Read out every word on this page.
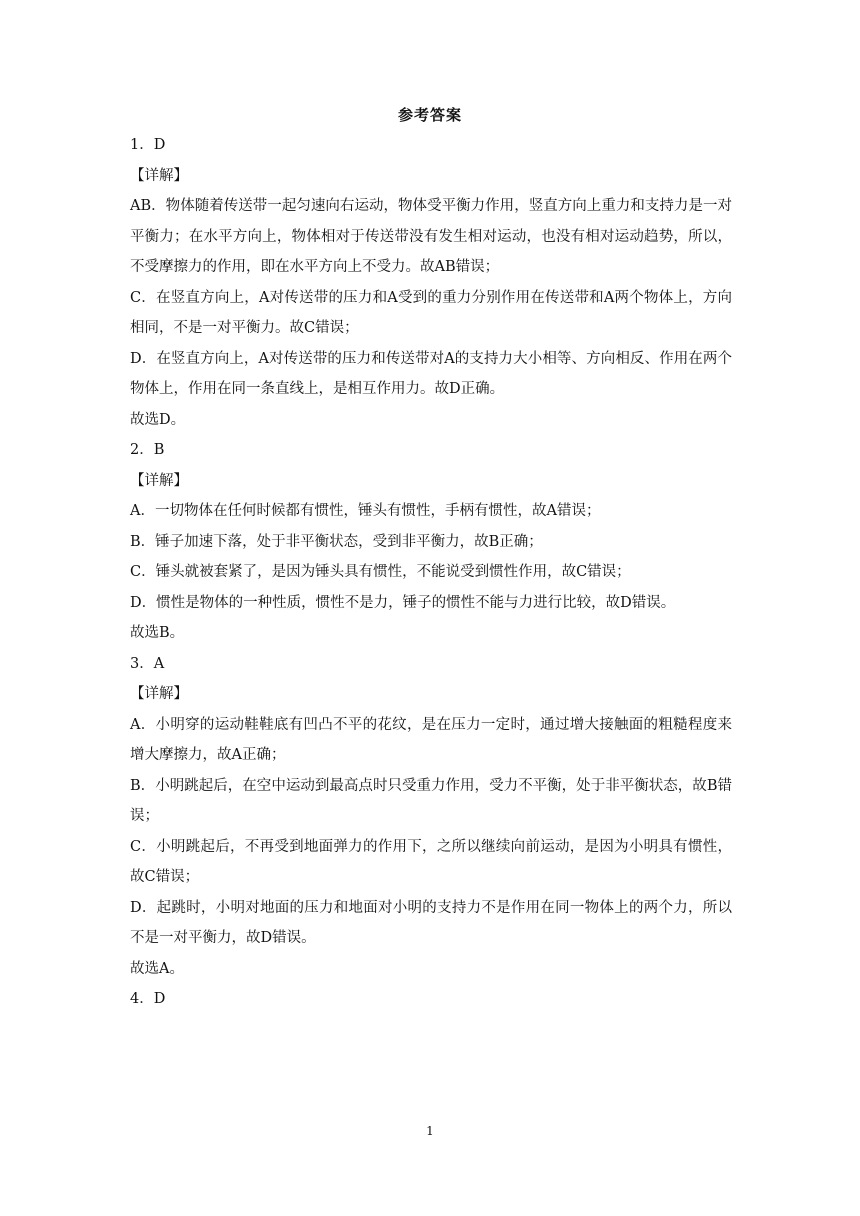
参考答案

1．D

【详解】

AB．物体随着传送带一起匀速向右运动，物体受平衡力作用，竖直方向上重力和支持力是一对平衡力；在水平方向上，物体相对于传送带没有发生相对运动，也没有相对运动趋势，所以，不受摩擦力的作用，即在水平方向上不受力。故AB错误；

C．在竖直方向上，A对传送带的压力和A受到的重力分别作用在传送带和A两个物体上，方向相同，不是一对平衡力。故C错误；

D．在竖直方向上，A对传送带的压力和传送带对A的支持力大小相等、方向相反、作用在两个物体上，作用在同一条直线上，是相互作用力。故D正确。

故选D。

2．B

【详解】

A．一切物体在任何时候都有惯性，锤头有惯性，手柄有惯性，故A错误；

B．锤子加速下落，处于非平衡状态，受到非平衡力，故B正确；

C．锤头就被套紧了，是因为锤头具有惯性，不能说受到惯性作用，故C错误；

D．惯性是物体的一种性质，惯性不是力，锤子的惯性不能与力进行比较，故D错误。

故选B。

3．A

【详解】

A．小明穿的运动鞋鞋底有凹凸不平的花纹，是在压力一定时，通过增大接触面的粗糙程度来增大摩擦力，故A正确；

B．小明跳起后，在空中运动到最高点时只受重力作用，受力不平衡，处于非平衡状态，故B错误；

C．小明跳起后，不再受到地面弹力的作用下，之所以继续向前运动，是因为小明具有惯性，故C错误；

D．起跳时，小明对地面的压力和地面对小明的支持力不是作用在同一物体上的两个力，所以不是一对平衡力，故D错误。

故选A。

4．D

1
